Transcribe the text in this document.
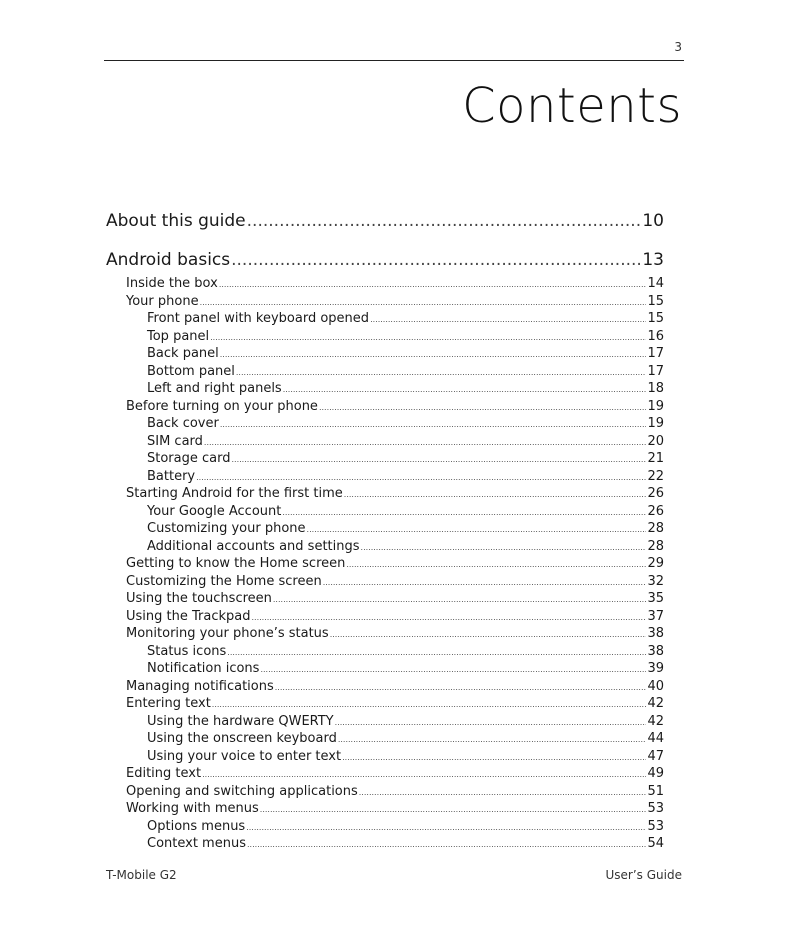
3
Contents
About this guide .....	10
Android basics .....	13
Inside the box .....	14
Your phone .....	15
Front panel with keyboard opened .....	15
Top panel .....	16
Back panel .....	17
Bottom panel .....	17
Left and right panels .....	18
Before turning on your phone .....	19
Back cover .....	19
SIM card .....	20
Storage card .....	21
Battery .....	22
Starting Android for the first time .....	26
Your Google Account .....	26
Customizing your phone .....	28
Additional accounts and settings .....	28
Getting to know the Home screen .....	29
Customizing the Home screen .....	32
Using the touchscreen .....	35
Using the Trackpad .....	37
Monitoring your phone’s status .....	38
Status icons .....	38
Notification icons .....	39
Managing notifications .....	40
Entering text .....	42
Using the hardware QWERTY .....	42
Using the onscreen keyboard .....	44
Using your voice to enter text .....	47
Editing text .....	49
Opening and switching applications .....	51
Working with menus .....	53
Options menus .....	53
Context menus .....	54
T-Mobile G2	User’s Guide
